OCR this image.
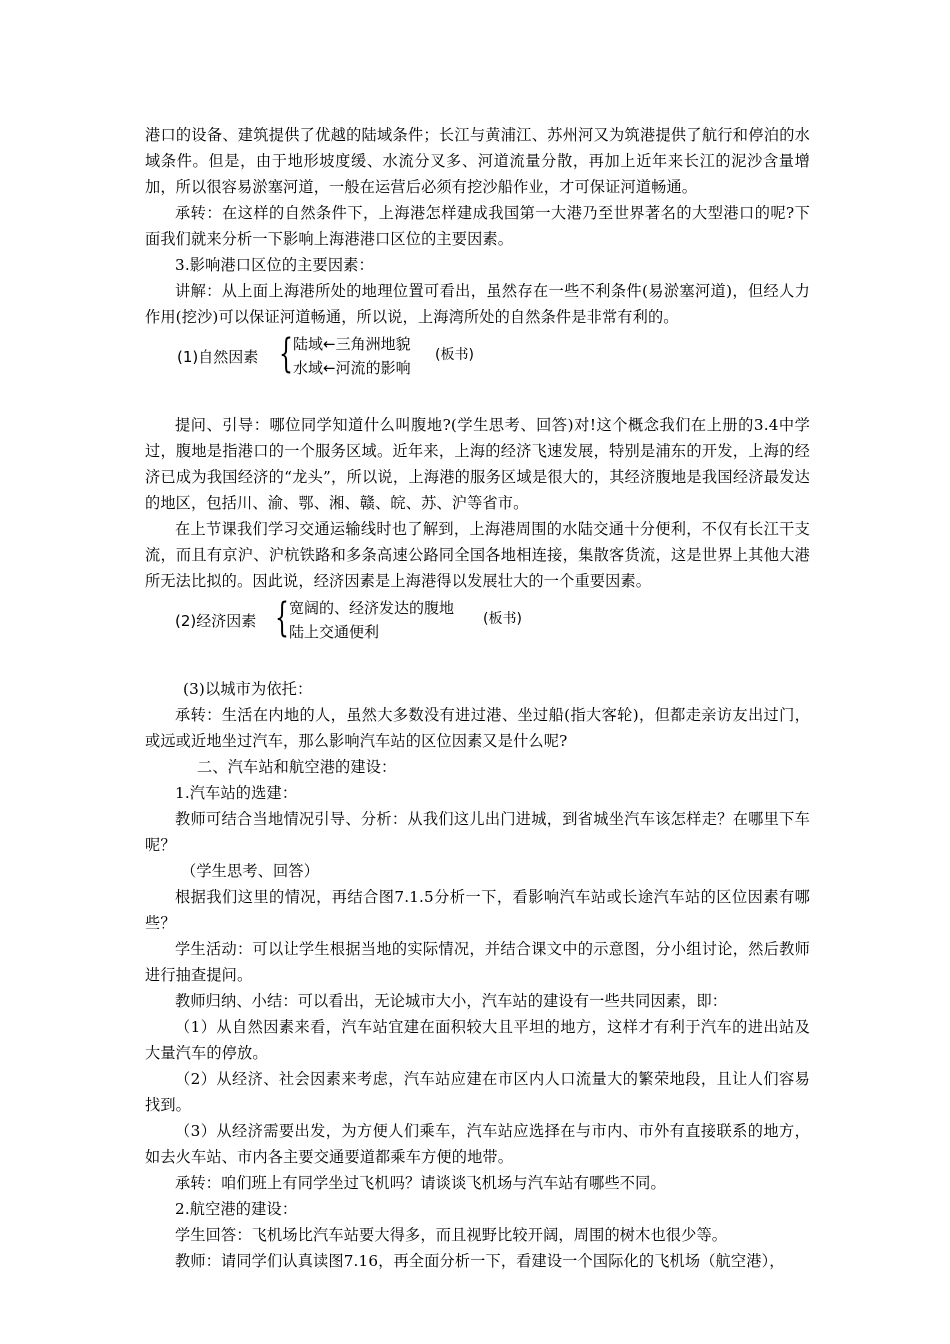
港口的设备、建筑提供了优越的陆域条件；长江与黄浦江、苏州河又为筑港提供了航行和停泊的水域条件。但是，由于地形坡度缓、水流分叉多、河道流量分散，再加上近年来长江的泥沙含量增加，所以很容易淤塞河道，一般在运营后必须有挖沙船作业，才可保证河道畅通。

承转：在这样的自然条件下，上海港怎样建成我国第一大港乃至世界著名的大型港口的呢?下面我们就来分析一下影响上海港港口区位的主要因素。

3.影响港口区位的主要因素：

讲解：从上面上海港所处的地理位置可看出，虽然存在一些不利条件(易淤塞河道)，但经人力作用(挖沙)可以保证河道畅通，所以说，上海湾所处的自然条件是非常有利的。

(1)自然因素 { 陆域←三角洲地貌
水域←河流的影响
(板书)

提问、引导：哪位同学知道什么叫腹地?(学生思考、回答)对!这个概念我们在上册的3.4中学过，腹地是指港口的一个服务区域。近年来，上海的经济飞速发展，特别是浦东的开发，上海的经济已成为我国经济的“龙头”，所以说，上海港的服务区域是很大的，其经济腹地是我国经济最发达的地区，包括川、渝、鄂、湘、赣、皖、苏、沪等省市。

在上节课我们学习交通运输线时也了解到，上海港周围的水陆交通十分便利，不仅有长江干支流，而且有京沪、沪杭铁路和多条高速公路同全国各地相连接，集散客货流，这是世界上其他大港所无法比拟的。因此说，经济因素是上海港得以发展壮大的一个重要因素。

(2)经济因素 { 宽阔的、经济发达的腹地
陆上交通便利
(板书)

(3)以城市为依托：

承转：生活在内地的人，虽然大多数没有进过港、坐过船(指大客轮)，但都走亲访友出过门，或远或近地坐过汽车，那么影响汽车站的区位因素又是什么呢?

二、汽车站和航空港的建设：

1.汽车站的选建：

教师可结合当地情况引导、分析：从我们这儿出门进城，到省城坐汽车该怎样走？在哪里下车呢？

（学生思考、回答）

根据我们这里的情况，再结合图7.1.5分析一下，看影响汽车站或长途汽车站的区位因素有哪些？

学生活动：可以让学生根据当地的实际情况，并结合课文中的示意图，分小组讨论，然后教师进行抽查提问。

教师归纳、小结：可以看出，无论城市大小，汽车站的建设有一些共同因素，即：

（1）从自然因素来看，汽车站宜建在面积较大且平坦的地方，这样才有利于汽车的进出站及大量汽车的停放。

（2）从经济、社会因素来考虑，汽车站应建在市区内人口流量大的繁荣地段，且让人们容易找到。

（3）从经济需要出发，为方便人们乘车，汽车站应选择在与市内、市外有直接联系的地方，如去火车站、市内各主要交通要道都乘车方便的地带。

承转：咱们班上有同学坐过飞机吗？请谈谈飞机场与汽车站有哪些不同。

2.航空港的建设：

学生回答：飞机场比汽车站要大得多，而且视野比较开阔，周围的树木也很少等。

教师：请同学们认真读图7.16，再全面分析一下，看建设一个国际化的飞机场（航空港），
